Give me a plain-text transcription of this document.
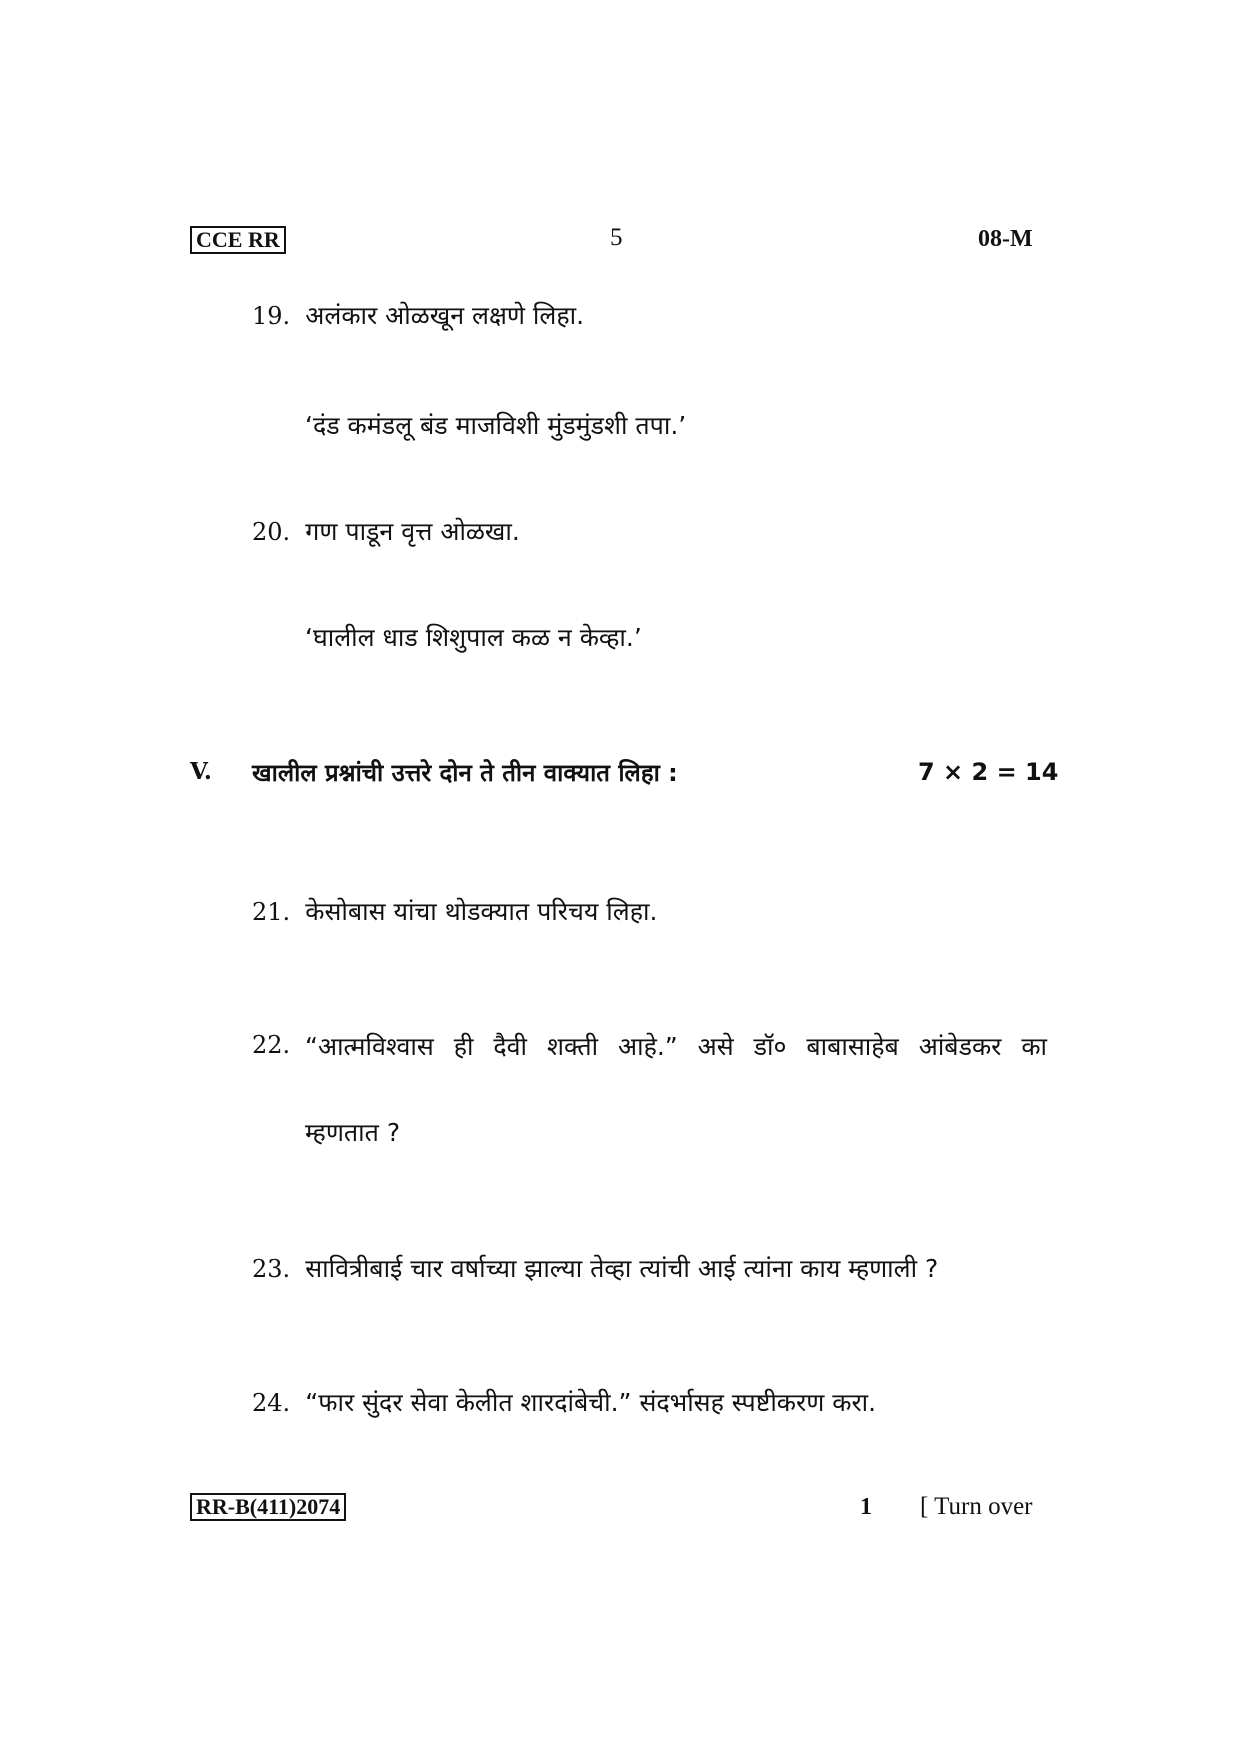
CCE RR	5	08-M
19. अलंकार ओळखून लक्षणे लिहा.
‘दंड कमंडलू बंड माजविशी मुंडमुंडशी तपा.’
20. गण पाडून वृत्त ओळखा.
‘घालील धाड शिशुपाल कळ न केव्हा.’
V. खालील प्रश्नांची उत्तरे दोन ते तीन वाक्यात लिहा :	7 × 2 = 14
21. केसोबास यांचा थोडक्यात परिचय लिहा.
22. “आत्मविश्वास ही दैवी शक्ती आहे.” असे डॉ० बाबासाहेब आंबेडकर का
म्हणतात ?
23. सावित्रीबाई चार वर्षाच्या झाल्या तेव्हा त्यांची आई त्यांना काय म्हणाली ?
24. “फार सुंदर सेवा केलीत शारदांबेची.” संदर्भासह स्पष्टीकरण करा.
RR-B(411)2074	1 [ Turn over
